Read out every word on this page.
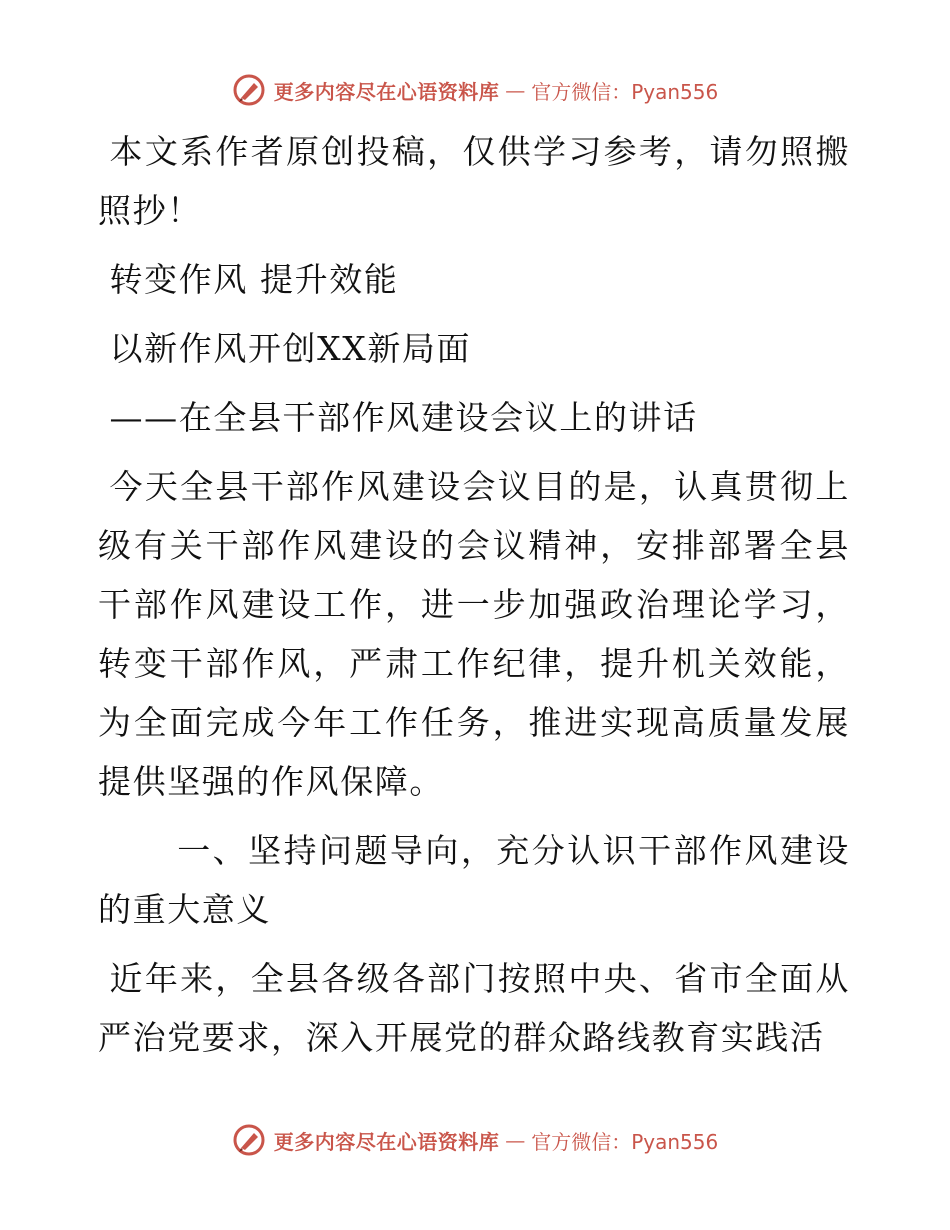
更多内容尽在心语资料库 — 官方微信：Pyan556

本文系作者原创投稿，仅供学习参考，请勿照搬照抄！

转变作风 提升效能

以新作风开创XX新局面

——在全县干部作风建设会议上的讲话

今天全县干部作风建设会议目的是，认真贯彻上级有关干部作风建设的会议精神，安排部署全县干部作风建设工作，进一步加强政治理论学习，转变干部作风，严肃工作纪律，提升机关效能，为全面完成今年工作任务，推进实现高质量发展提供坚强的作风保障。

一、坚持问题导向，充分认识干部作风建设的重大意义

近年来，全县各级各部门按照中央、省市全面从严治党要求，深入开展党的群众路线教育实践活

更多内容尽在心语资料库 — 官方微信：Pyan556
